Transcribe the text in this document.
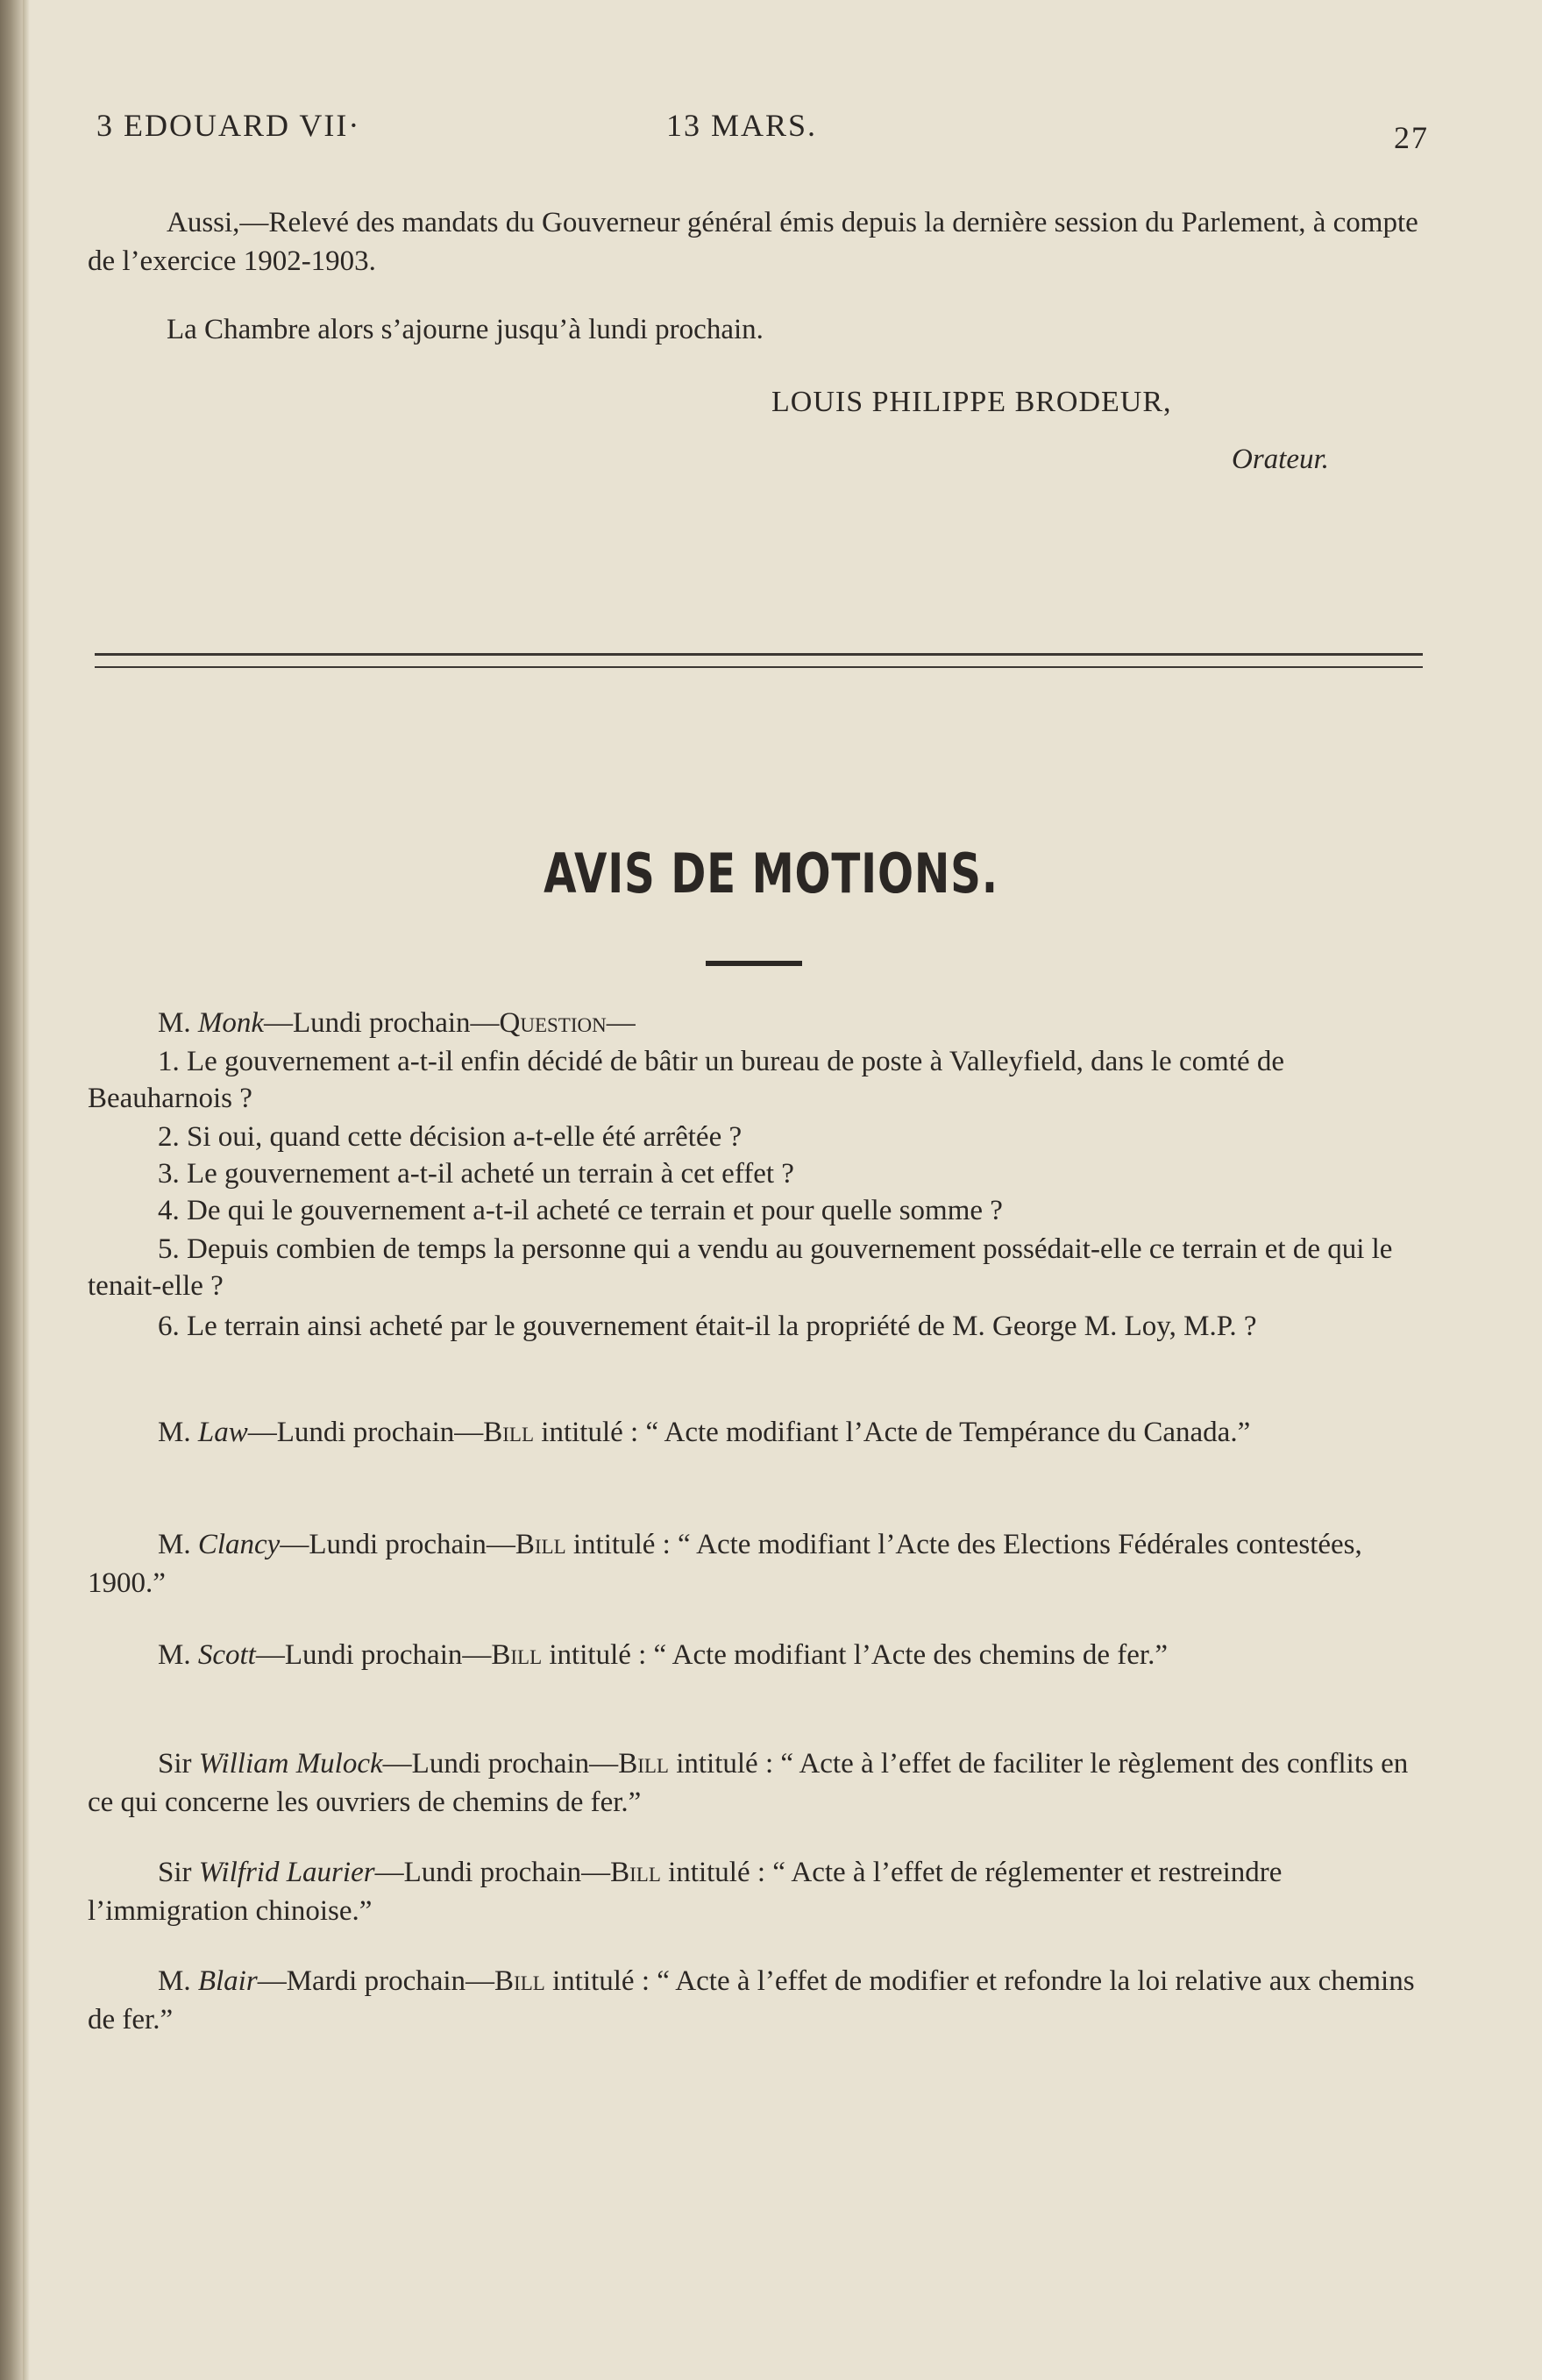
3 EDOUARD VII·	13 MARS.	27
Aussi,—Relevé des mandats du Gouverneur général émis depuis la dernière session du Parlement, à compte de l’exercice 1902-1903.
La Chambre alors s’ajourne jusqu’à lundi prochain.
LOUIS PHILIPPE BRODEUR,
Orateur.
AVIS DE MOTIONS.
M. Monk—Lundi prochain—Question—
1. Le gouvernement a-t-il enfin décidé de bâtir un bureau de poste à Valleyfield, dans le comté de Beauharnois ?
2. Si oui, quand cette décision a-t-elle été arrêtée ?
3. Le gouvernement a-t-il acheté un terrain à cet effet ?
4. De qui le gouvernement a-t-il acheté ce terrain et pour quelle somme ?
5. Depuis combien de temps la personne qui a vendu au gouvernement possédait-elle ce terrain et de qui le tenait-elle ?
6. Le terrain ainsi acheté par le gouvernement était-il la propriété de M. George M. Loy, M.P. ?
M. Law—Lundi prochain—Bill intitulé : “ Acte modifiant l’Acte de Tempérance du Canada.”
M. Clancy—Lundi prochain—Bill intitulé : “ Acte modifiant l’Acte des Elections Fédérales contestées, 1900.”
M. Scott—Lundi prochain—Bill intitulé : “ Acte modifiant l’Acte des chemins de fer.”
Sir William Mulock—Lundi prochain—Bill intitulé : “ Acte à l’effet de faciliter le règlement des conflits en ce qui concerne les ouvriers de chemins de fer.”
Sir Wilfrid Laurier—Lundi prochain—Bill intitulé : “ Acte à l’effet de réglementer et restreindre l’immigration chinoise.”
M. Blair—Mardi prochain—Bill intitulé : “ Acte à l’effet de modifier et refondre la loi relative aux chemins de fer.”
